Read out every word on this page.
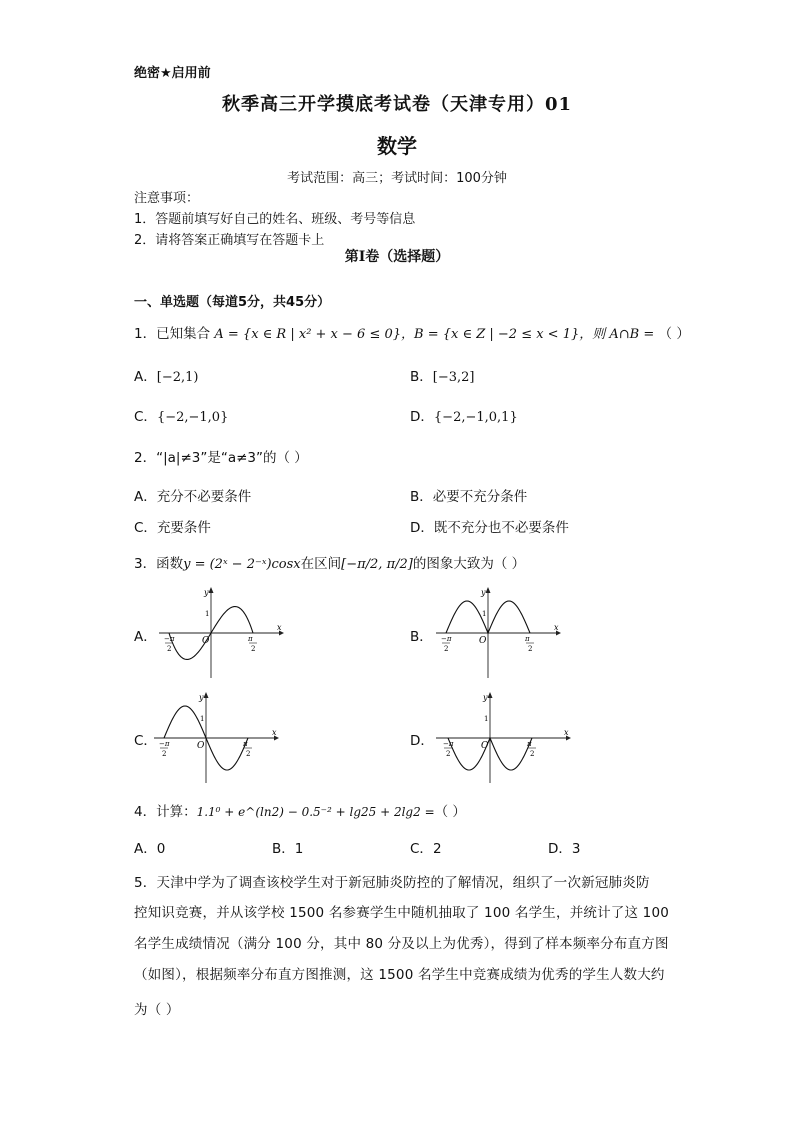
绝密★启用前
秋季高三开学摸底考试卷（天津专用）01
数学
考试范围：高三；考试时间：100分钟
注意事项：
1．答题前填写好自己的姓名、班级、考号等信息
2．请将答案正确填写在答题卡上
第I卷（选择题）
一、单选题（每道5分，共45分）
1．已知集合 A = {x ∈ R | x² + x − 6 ≤ 0}，B = {x ∈ Z | −2 ≤ x < 1}，则 A∩B = （ ）
A．[−2,1)	B．[−3,2]
C．{−2,−1,0}	D．{−2,−1,0,1}
2．“|a|≠3”是“a≠3”的（ ）
A．充分不必要条件	B．必要不充分条件
C．充要条件	D．既不充分也不必要条件
3．函数y = (2ˣ − 2⁻ˣ)cosx在区间[−π/2, π/2]的图象大致为（ ）
A．	B．
C．	D．
x
y
O
1
−π
2
π
2
x
y
O
1
−π
2
π
2
x
y
O
1
−π
2
π
2
x
y
O
1
−π
2
π
2
4．计算：1.1⁰ + e^(ln2) − 0.5⁻² + lg25 + 2lg2 =（ ）
A．0	B．1	C．2	D．3
5．天津中学为了调查该校学生对于新冠肺炎防控的了解情况，组织了一次新冠肺炎防
控知识竞赛，并从该学校 1500 名参赛学生中随机抽取了 100 名学生，并统计了这 100
名学生成绩情况（满分 100 分，其中 80 分及以上为优秀），得到了样本频率分布直方图
（如图），根据频率分布直方图推测，这 1500 名学生中竞赛成绩为优秀的学生人数大约
为（ ）
